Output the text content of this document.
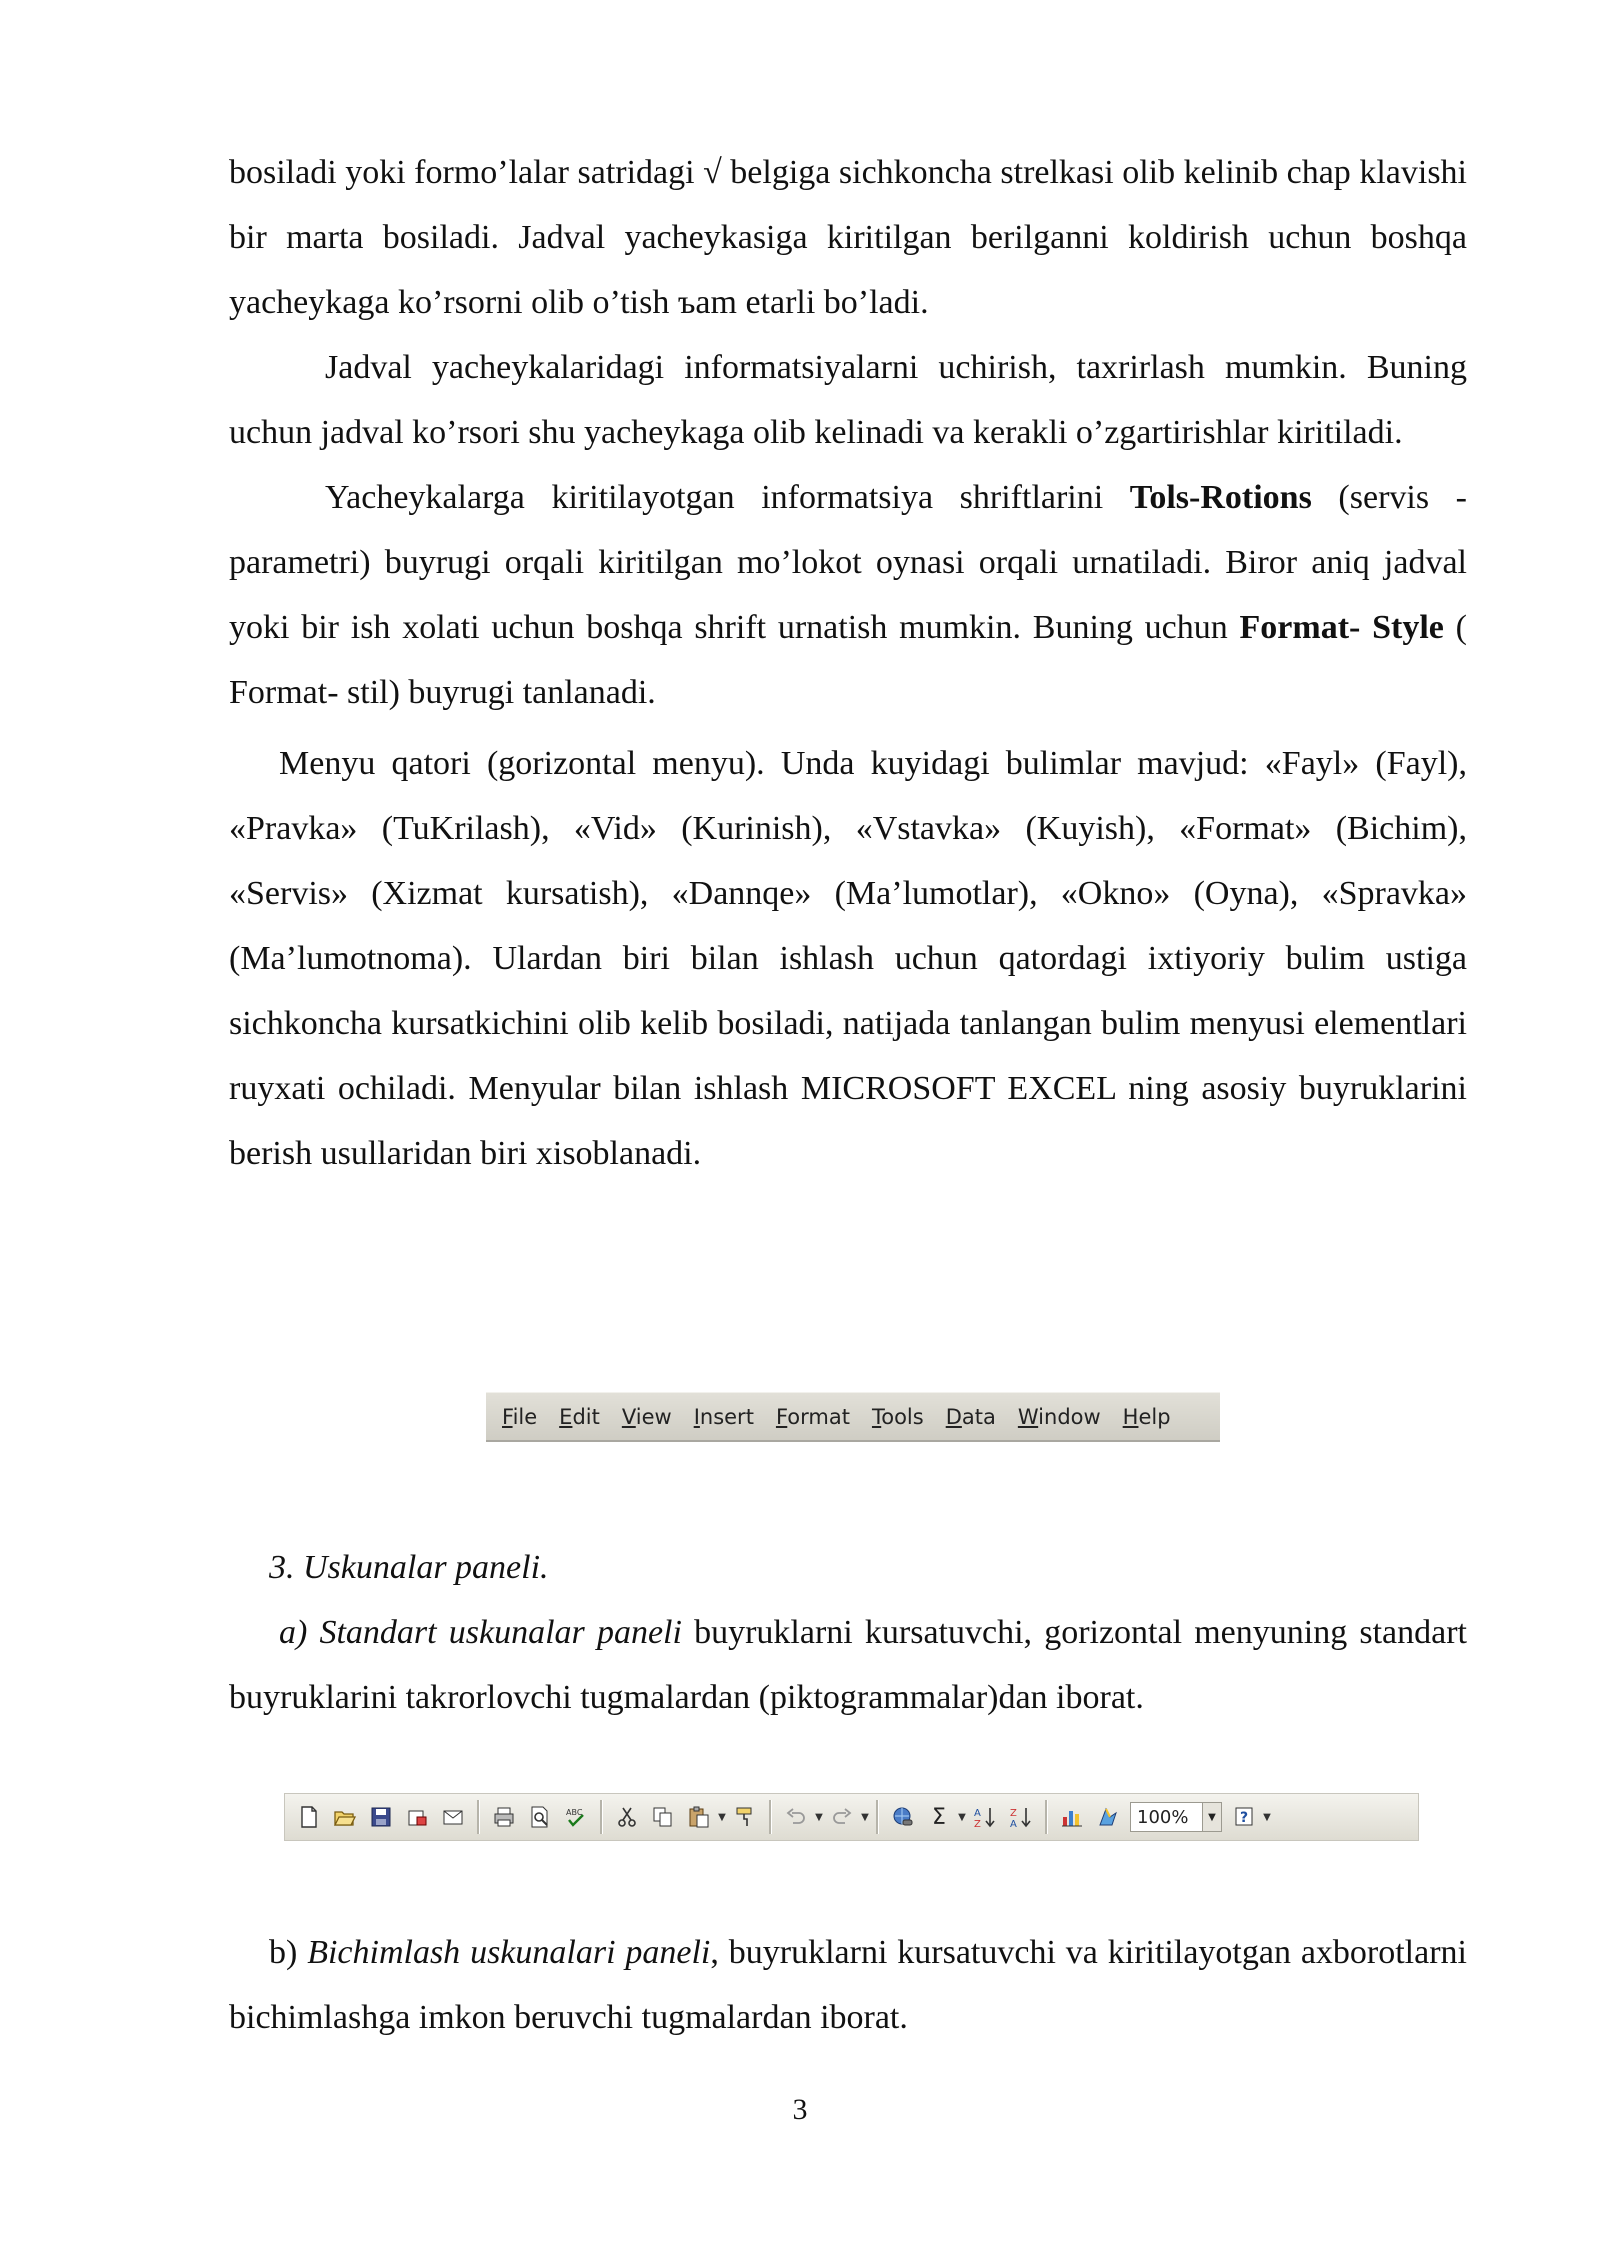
bosiladi yoki formo’lalar satridagi √ belgiga sichkoncha strelkasi olib kelinib chap klavishi bir marta bosiladi. Jadval yacheykasiga kiritilgan berilganni koldirish uchun boshqa yacheykaga ko’rsorni olib o’tish ъam etarli bo’ladi.

Jadval yacheykalaridagi informatsiyalarni uchirish, taxrirlash mumkin. Buning uchun jadval ko’rsori shu yacheykaga olib kelinadi va kerakli o’zgartirishlar kiritiladi.

Yacheykalarga kiritilayotgan informatsiya shriftlarini Tols-Rotions (servis - parametri) buyrugi orqali kiritilgan mo’lokot oynasi orqali urnatiladi. Biror aniq jadval yoki bir ish xolati uchun boshqa shrift urnatish mumkin. Buning uchun Format- Style ( Format- stil) buyrugi tanlanadi.

Menyu qatori (gorizontal menyu). Unda kuyidagi bulimlar mavjud: «Fayl» (Fayl), «Pravka» (TuKrilash), «Vid» (Kurinish), «Vstavka» (Kuyish), «Format» (Bichim), «Servis» (Xizmat kursatish), «Dannqe» (Ma’lumotlar), «Okno» (Oyna), «Spravka» (Ma’lumotnoma). Ulardan biri bilan ishlash uchun qatordagi ixtiyoriy bulim ustiga sichkoncha kursatkichini olib kelib bosiladi, natijada tanlangan bulim menyusi elementlari ruyxati ochiladi. Menyular bilan ishlash MICROSOFT EXCEL ning asosiy buyruklarini berish usullaridan biri xisoblanadi.

File	Edit	View	Insert	Format	Tools	Data	Window	Help
3. Uskunalar paneli.

a) Standart uskunalar paneli buyruklarni kursatuvchi, gorizontal menyuning standart buyruklarini takrorlovchi tugmalardan (piktogrammalar)dan iborat.

ABC	▼	▼	▼	Σ	▼ A
Z
Z
A	100%	▼	? ▼

b) Bichimlash uskunalari paneli, buyruklarni kursatuvchi va kiritilayotgan axborotlarni bichimlashga imkon beruvchi tugmalardan iborat.

3
